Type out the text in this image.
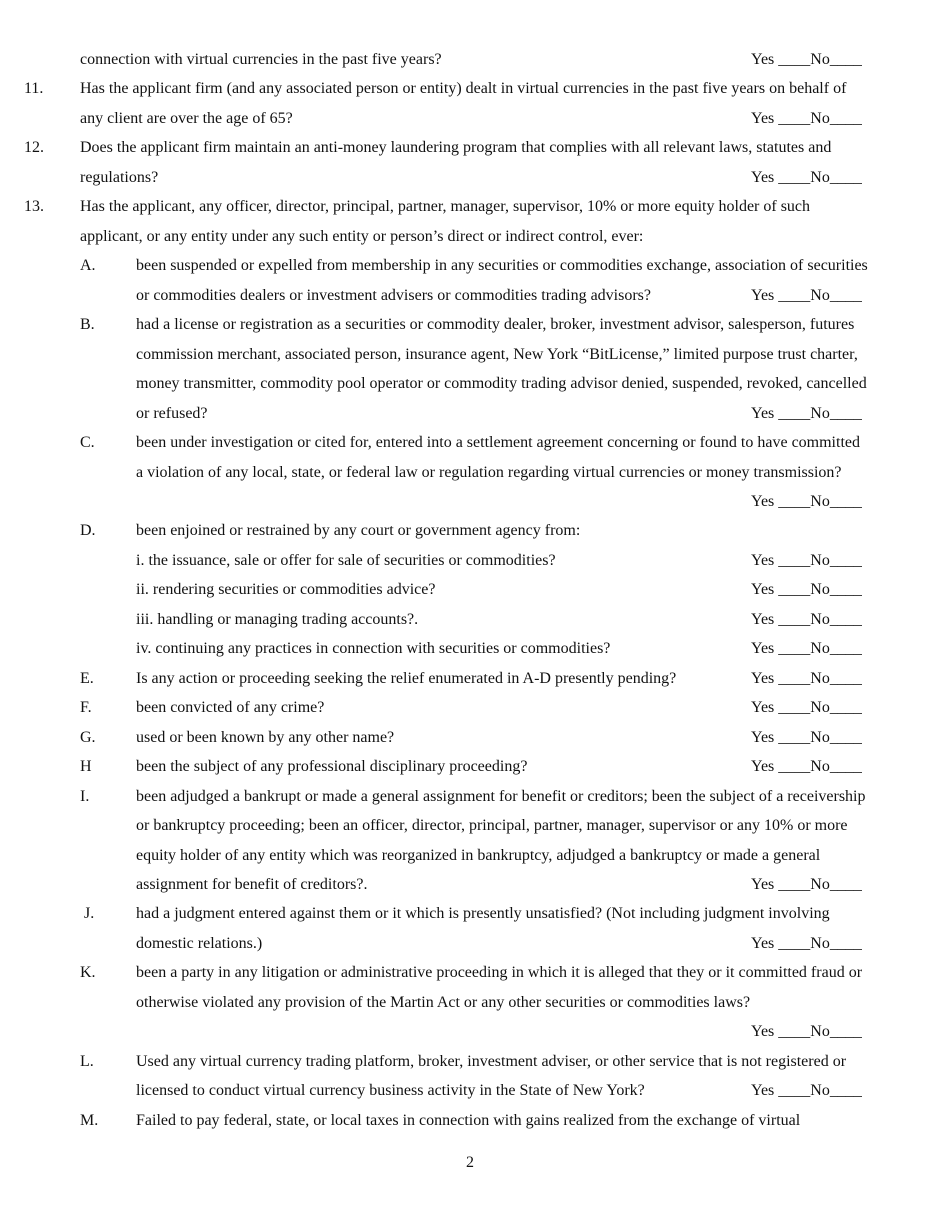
connection with virtual currencies in the past five years?	Yes ____No____
11. Has the applicant firm (and any associated person or entity) dealt in virtual currencies in the past five years on behalf of
any client are over the age of 65?	Yes ____No____
12. Does the applicant firm maintain an anti-money laundering program that complies with all relevant laws, statutes and
regulations?	Yes ____No____
13. Has the applicant, any officer, director, principal, partner, manager, supervisor, 10% or more equity holder of such
applicant, or any entity under any such entity or person’s direct or indirect control, ever:
A.	been suspended or expelled from membership in any securities or commodities exchange, association of securities
or commodities dealers or investment advisers or commodities trading advisors?	Yes ____No____
B.	had a license or registration as a securities or commodity dealer, broker, investment advisor, salesperson, futures
commission merchant, associated person, insurance agent, New York “BitLicense,” limited purpose trust charter,
money transmitter, commodity pool operator or commodity trading advisor denied, suspended, revoked, cancelled
or refused?	Yes ____No____
C.	been under investigation or cited for, entered into a settlement agreement concerning or found to have committed
a violation of any local, state, or federal law or regulation regarding virtual currencies or money transmission?
Yes ____No____
D.	been enjoined or restrained by any court or government agency from:
i. the issuance, sale or offer for sale of securities or commodities?	Yes ____No____
ii. rendering securities or commodities advice?	Yes ____No____
iii. handling or managing trading accounts?.	Yes ____No____
iv. continuing any practices in connection with securities or commodities?	Yes ____No____
E.	Is any action or proceeding seeking the relief enumerated in A-D presently pending?	Yes ____No____
F.	been convicted of any crime?	Yes ____No____
G.	used or been known by any other name?	Yes ____No____
H	been the subject of any professional disciplinary proceeding?	Yes ____No____
I.	been adjudged a bankrupt or made a general assignment for benefit or creditors; been the subject of a receivership
or bankruptcy proceeding; been an officer, director, principal, partner, manager, supervisor or any 10% or more
equity holder of any entity which was reorganized in bankruptcy, adjudged a bankruptcy or made a general
assignment for benefit of creditors?.	Yes ____No____
J.	had a judgment entered against them or it which is presently unsatisfied? (Not including judgment involving
domestic relations.)	Yes ____No____
K.	been a party in any litigation or administrative proceeding in which it is alleged that they or it committed fraud or
otherwise violated any provision of the Martin Act or any other securities or commodities laws?
Yes ____No____
L.	Used any virtual currency trading platform, broker, investment adviser, or other service that is not registered or
licensed to conduct virtual currency business activity in the State of New York?	Yes ____No____
M. Failed to pay federal, state, or local taxes in connection with gains realized from the exchange of virtual
2
